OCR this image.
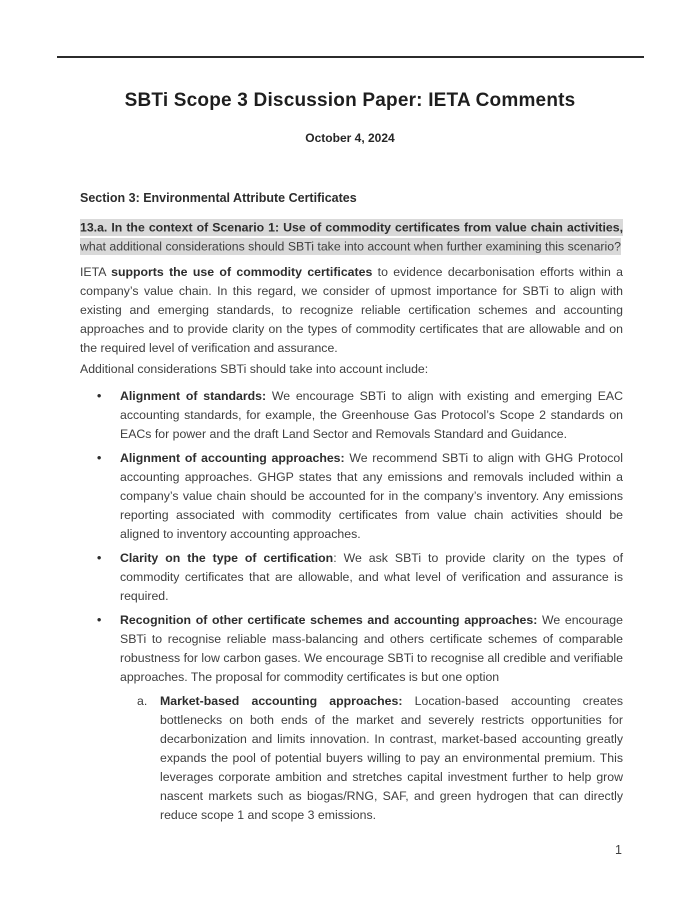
SBTi Scope 3 Discussion Paper: IETA Comments
October 4, 2024
Section 3: Environmental Attribute Certificates

13.a. In the context of Scenario 1: Use of commodity certificates from value chain activities, what additional considerations should SBTi take into account when further examining this scenario?

IETA supports the use of commodity certificates to evidence decarbonisation efforts within a company’s value chain. In this regard, we consider of upmost importance for SBTi to align with existing and emerging standards, to recognize reliable certification schemes and accounting approaches and to provide clarity on the types of commodity certificates that are allowable and on the required level of verification and assurance.

Additional considerations SBTi should take into account include:

• Alignment of standards: We encourage SBTi to align with existing and emerging EAC accounting standards, for example, the Greenhouse Gas Protocol’s Scope 2 standards on EACs for power and the draft Land Sector and Removals Standard and Guidance.

• Alignment of accounting approaches: We recommend SBTi to align with GHG Protocol accounting approaches. GHGP states that any emissions and removals included within a company’s value chain should be accounted for in the company’s inventory. Any emissions reporting associated with commodity certificates from value chain activities should be aligned to inventory accounting approaches.

• Clarity on the type of certification: We ask SBTi to provide clarity on the types of commodity certificates that are allowable, and what level of verification and assurance is required.

• Recognition of other certificate schemes and accounting approaches: We encourage SBTi to recognise reliable mass-balancing and others certificate schemes of comparable robustness for low carbon gases. We encourage SBTi to recognise all credible and verifiable approaches. The proposal for commodity certificates is but one option

a. Market-based accounting approaches: Location-based accounting creates bottlenecks on both ends of the market and severely restricts opportunities for decarbonization and limits innovation. In contrast, market-based accounting greatly expands the pool of potential buyers willing to pay an environmental premium. This leverages corporate ambition and stretches capital investment further to help grow nascent markets such as biogas/RNG, SAF, and green hydrogen that can directly reduce scope 1 and scope 3 emissions.

1
